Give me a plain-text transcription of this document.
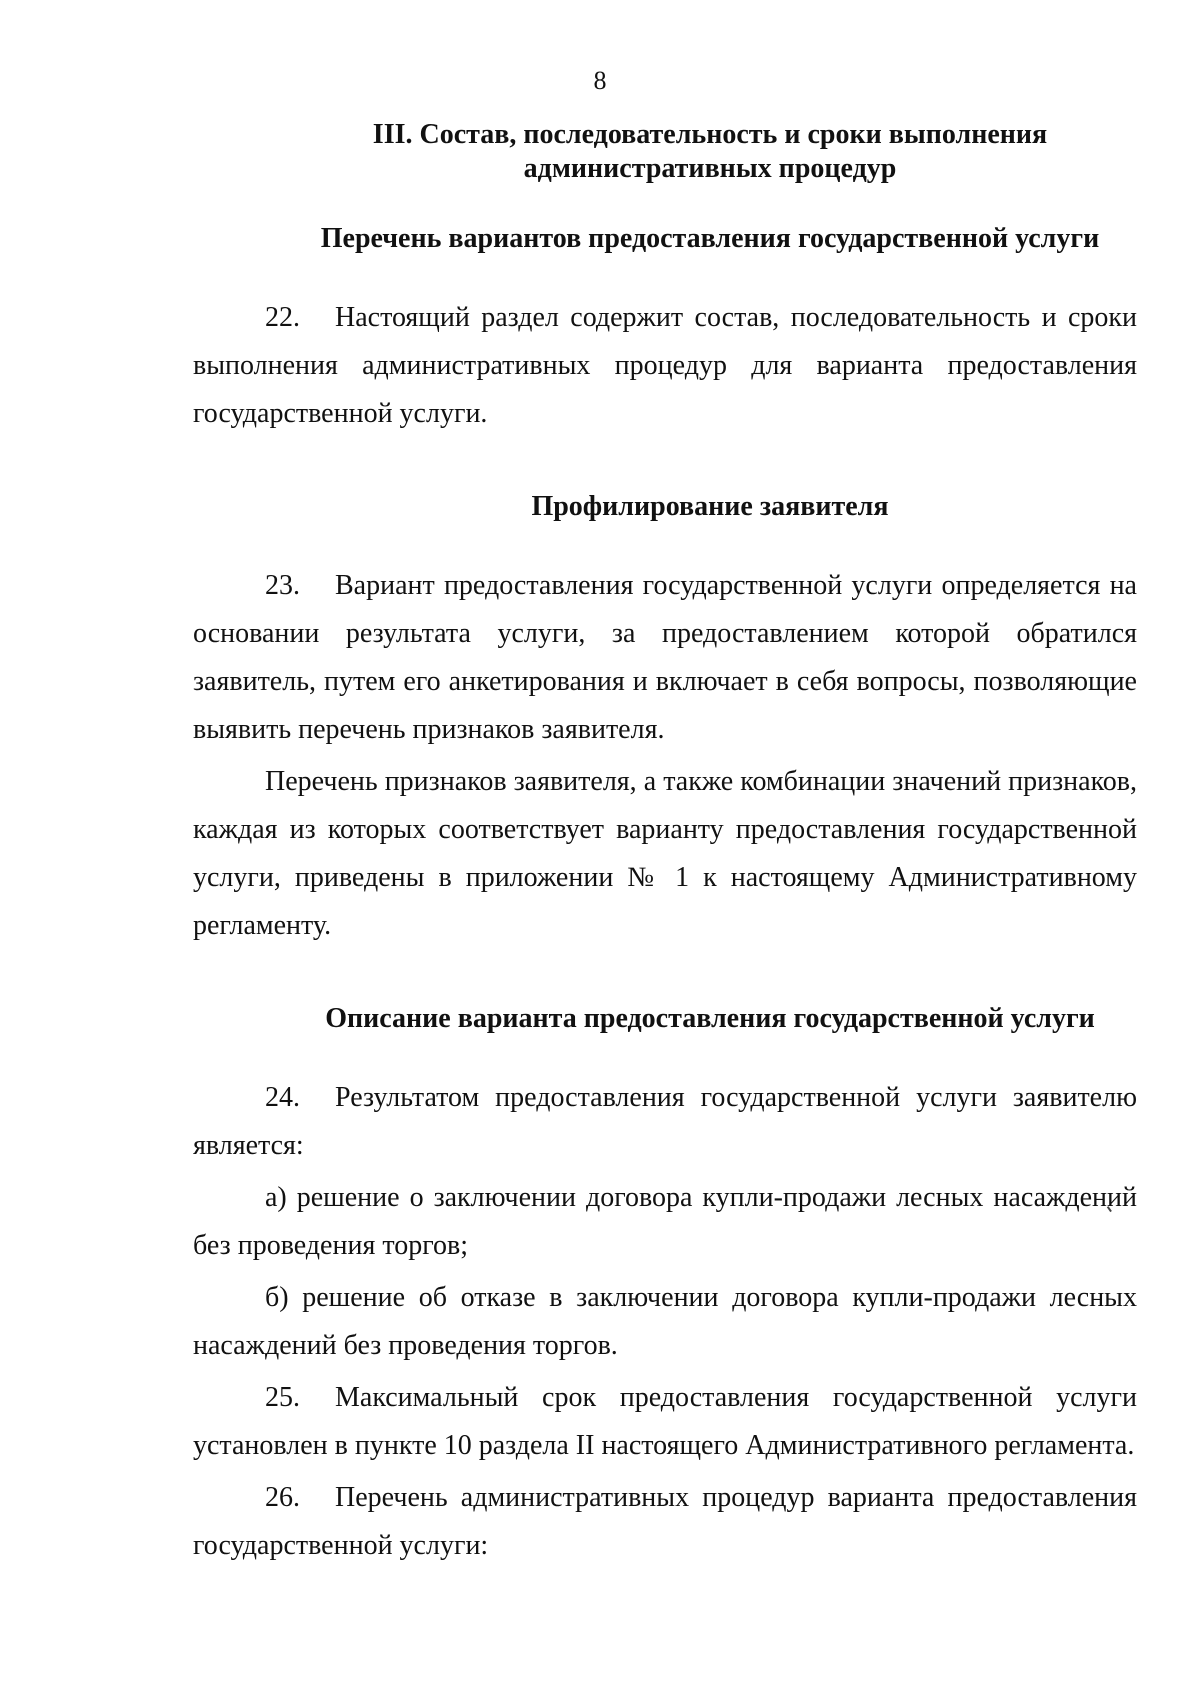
8
III. Состав, последовательность и сроки выполнения
административных процедур
Перечень вариантов предоставления государственной услуги

22. Настоящий раздел содержит состав, последовательность и сроки выполнения административных процедур для варианта предоставления государственной услуги.

Профилирование заявителя

23. Вариант предоставления государственной услуги определяется на основании результата услуги, за предоставлением которой обратился заявитель, путем его анкетирования и включает в себя вопросы, позволяющие выявить перечень признаков заявителя.

Перечень признаков заявителя, а также комбинации значений признаков, каждая из которых соответствует варианту предоставления государственной услуги, приведены в приложении № 1 к настоящему Административному регламенту.

Описание варианта предоставления государственной услуги

24. Результатом предоставления государственной услуги заявителю является:

а) решение о заключении договора купли-продажи лесных насаждений без проведения торгов;

б) решение об отказе в заключении договора купли-продажи лесных насаждений без проведения торгов.

25. Максимальный срок предоставления государственной услуги установлен в пункте 10 раздела II настоящего Административного регламента.

26. Перечень административных процедур варианта предоставления государственной услуги:
